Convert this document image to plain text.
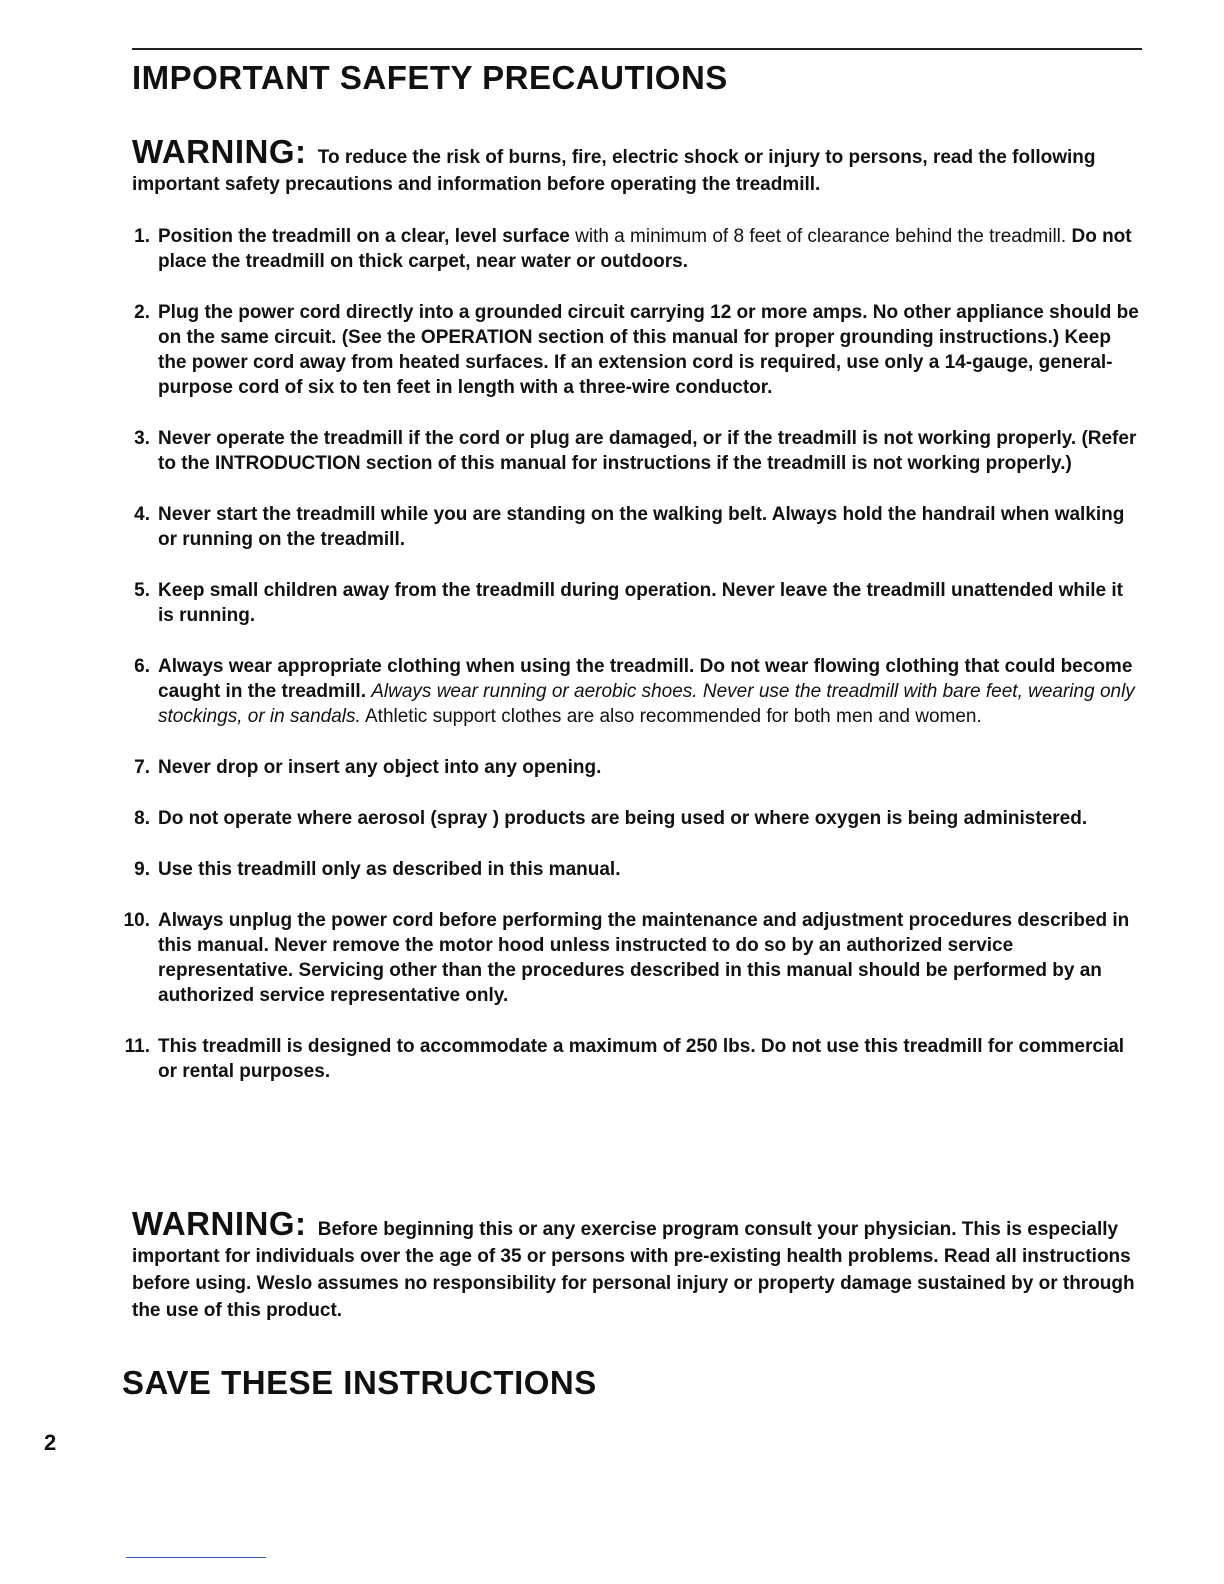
IMPORTANT SAFETY PRECAUTIONS
WARNING: To reduce the risk of burns, fire, electric shock or injury to persons, read the following important safety precautions and information before operating the treadmill.
1. Position the treadmill on a clear, level surface with a minimum of 8 feet of clearance behind the treadmill. Do not place the treadmill on thick carpet, near water or outdoors.
2. Plug the power cord directly into a grounded circuit carrying 12 or more amps. No other appliance should be on the same circuit. (See the OPERATION section of this manual for proper grounding instructions.) Keep the power cord away from heated surfaces. If an extension cord is required, use only a 14-gauge, general-purpose cord of six to ten feet in length with a three-wire conductor.
3. Never operate the treadmill if the cord or plug are damaged, or if the treadmill is not working properly. (Refer to the INTRODUCTION section of this manual for instructions if the treadmill is not working properly.)
4. Never start the treadmill while you are standing on the walking belt. Always hold the handrail when walking or running on the treadmill.
5. Keep small children away from the treadmill during operation. Never leave the treadmill unattended while it is running.
6. Always wear appropriate clothing when using the treadmill. Do not wear flowing clothing that could become caught in the treadmill. Always wear running or aerobic shoes. Never use the treadmill with bare feet, wearing only stockings, or in sandals. Athletic support clothes are also recommended for both men and women.
7. Never drop or insert any object into any opening.
8. Do not operate where aerosol (spray ) products are being used or where oxygen is being administered.
9. Use this treadmill only as described in this manual.
10. Always unplug the power cord before performing the maintenance and adjustment procedures described in this manual. Never remove the motor hood unless instructed to do so by an authorized service representative. Servicing other than the procedures described in this manual should be performed by an authorized service representative only.
11. This treadmill is designed to accommodate a maximum of 250 lbs. Do not use this treadmill for commercial or rental purposes.
WARNING: Before beginning this or any exercise program consult your physician. This is especially important for individuals over the age of 35 or persons with pre-existing health problems. Read all instructions before using. Weslo assumes no responsibility for personal injury or property damage sustained by or through the use of this product.
SAVE THESE INSTRUCTIONS
2
